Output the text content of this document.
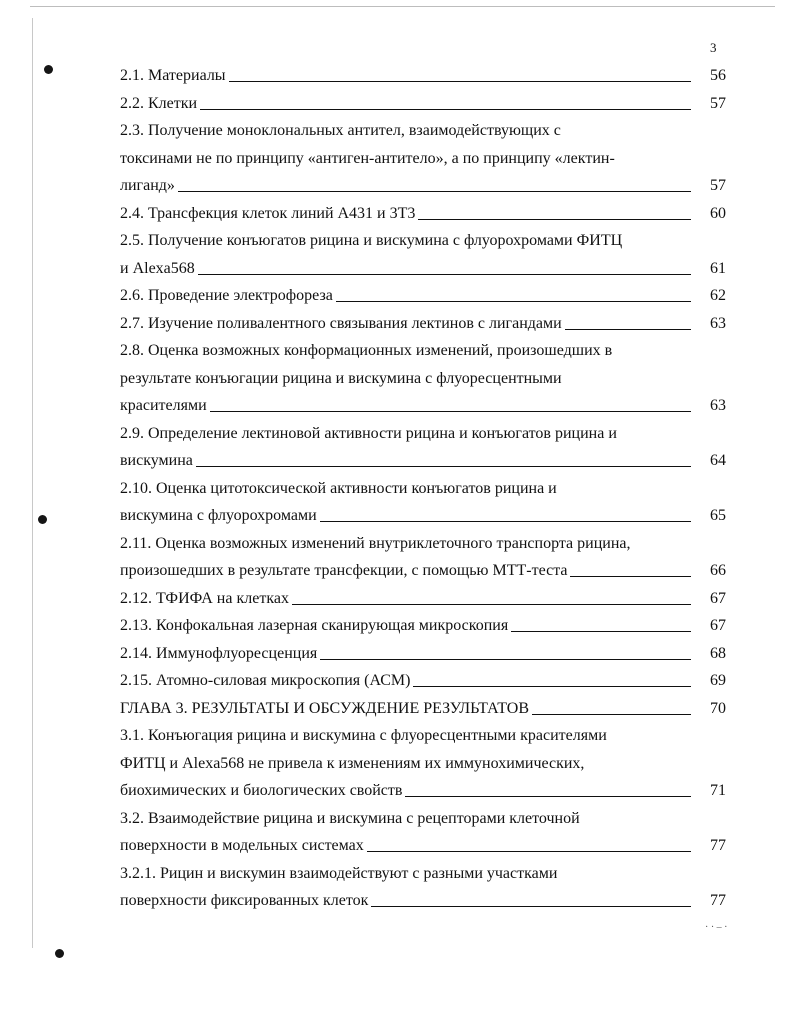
· · ‒ ·
3
2.1. Материалы	56
2.2. Клетки	57
2.3. Получение моноклональных антител, взаимодействующих с
токсинами не по принципу «антиген-антитело», а по принципу «лектин-
лиганд»	57
2.4. Трансфекция клеток линий А431 и 3Т3	60
2.5. Получение конъюгатов рицина и вискумина с флуорохромами ФИТЦ
и Alexa568	61
2.6. Проведение электрофореза	62
2.7. Изучение поливалентного связывания лектинов с лигандами	63
2.8. Оценка возможных конформационных изменений, произошедших в
результате конъюгации рицина и вискумина с флуоресцентными
красителями	63
2.9. Определение лектиновой активности рицина и конъюгатов рицина и
вискумина	64
2.10. Оценка цитотоксической активности конъюгатов рицина и
вискумина с флуорохромами	65
2.11. Оценка возможных изменений внутриклеточного транспорта рицина,
произошедших в результате трансфекции, с помощью МТТ-теста	66
2.12. ТФИФА на клетках	67
2.13. Конфокальная лазерная сканирующая микроскопия	67
2.14. Иммунофлуоресценция	68
2.15. Атомно-силовая микроскопия (АСМ)	69
ГЛАВА 3. РЕЗУЛЬТАТЫ И ОБСУЖДЕНИЕ РЕЗУЛЬТАТОВ	70
3.1. Конъюгация рицина и вискумина с флуоресцентными красителями
ФИТЦ и Alexa568 не привела к изменениям их иммунохимических,
биохимических и биологических свойств	71
3.2. Взаимодействие рицина и вискумина с рецепторами клеточной
поверхности в модельных системах	77
3.2.1. Рицин и вискумин взаимодействуют с разными участками
поверхности фиксированных клеток	77
